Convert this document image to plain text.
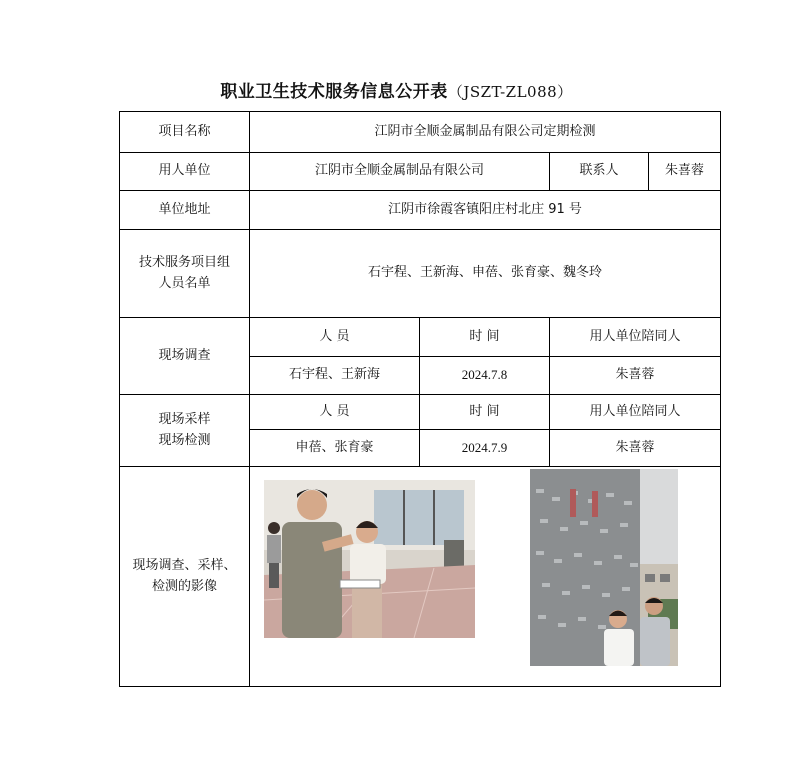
职业卫生技术服务信息公开表（JSZT-ZL088）
项目名称	江阴市全顺金属制品有限公司定期检测			
用人单位	江阴市全顺金属制品有限公司		联系人	朱喜蓉
单位地址	江阴市徐霞客镇阳庄村北庄 91 号			

技术服务项目组
人员名单	石宇程、王新海、申蓓、张育豪、魏冬玲			
现场调查	人 员	时 间	用人单位陪同人	
	石宇程、王新海	2024.7.8	朱喜蓉	

现场采样
现场检测	人 员	时 间	用人单位陪同人	
	申蓓、张育豪	2024.7.9	朱喜蓉	

现场调查、采样、
检测的影像
